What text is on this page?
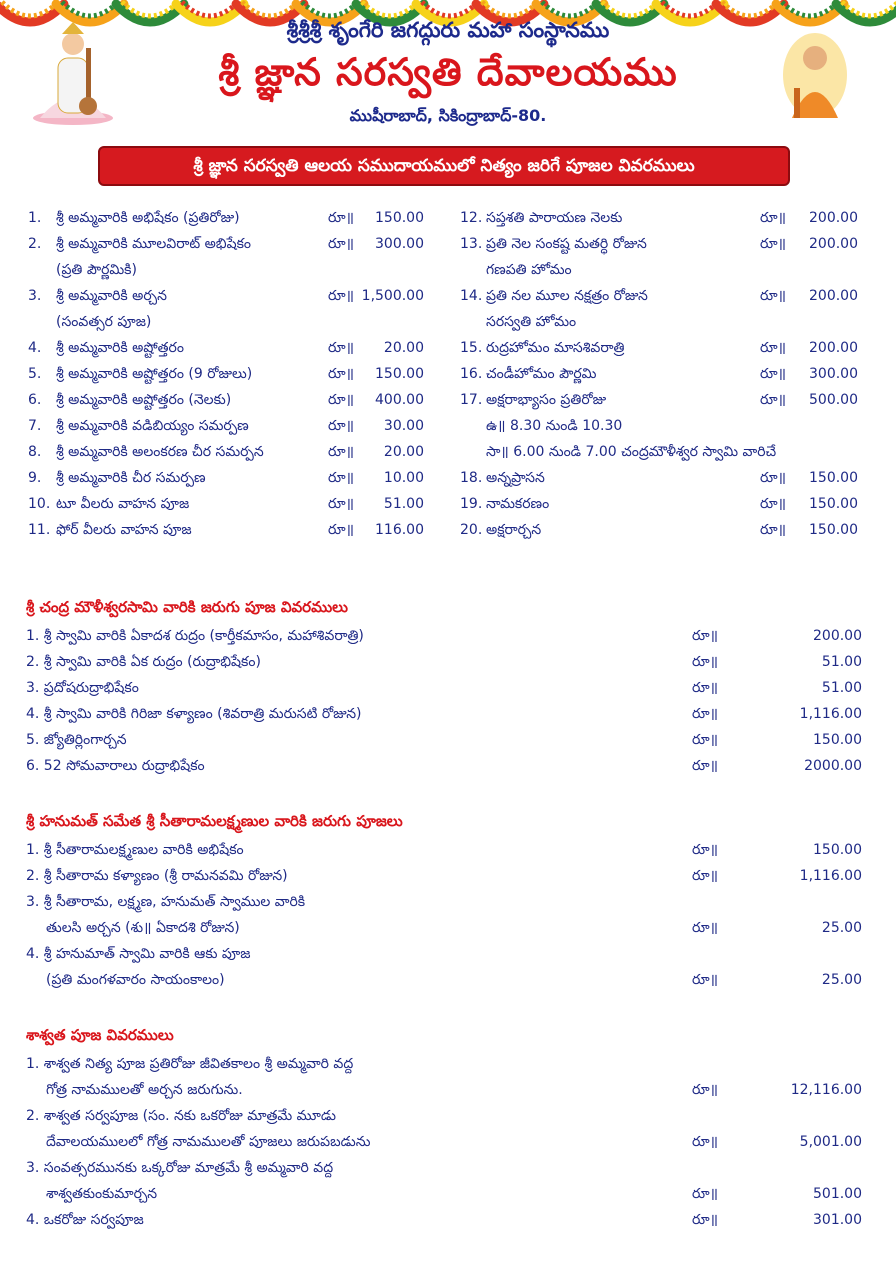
శ్రీశ్రీశ్రీ శృంగేరి జగద్గురు మహా సంస్థానము
శ్రీ జ్ఞాన సరస్వతి దేవాలయము
ముషీరాబాద్, సికింద్రాబాద్-80.
శ్రీ జ్ఞాన సరస్వతి ఆలయ సముదాయములో నిత్యం జరిగే పూజల వివరములు
1. శ్రీ అమ్మవారికి అభిషేకం (ప్రతిరోజు)	రూ॥	150.00
2. శ్రీ అమ్మవారికి మూలవిరాట్ అభిషేకం	రూ॥	300.00
(ప్రతి పౌర్ణమికి)
3. శ్రీ అమ్మవారికి అర్చన	రూ॥ 1,500.00
(సంవత్సర పూజ)
4. శ్రీ అమ్మవారికి అష్టోత్తరం	రూ॥	20.00
5. శ్రీ అమ్మవారికి అష్టోత్తరం (9 రోజులు)	రూ॥	150.00
6. శ్రీ అమ్మవారికి అష్టోత్తరం (నెలకు)	రూ॥	400.00
7. శ్రీ అమ్మవారికి వడిబియ్యం సమర్పణ	రూ॥	30.00
8. శ్రీ అమ్మవారికి అలంకరణ చీర సమర్పన	రూ॥	20.00
9. శ్రీ అమ్మవారికి చీర సమర్పణ	రూ॥	10.00
10. టూ వీలరు వాహన పూజ	రూ॥	51.00
11. ఫోర్ వీలరు వాహన పూజ	రూ॥	116.00
12. సప్తశతి పారాయణ నెలకు	రూ॥	200.00
13. ప్రతి నెల సంకష్ట మతర్ధి రోజున	రూ॥	200.00
గణపతి హోమం
14. ప్రతి నల మూల నక్షత్రం రోజున	రూ॥	200.00
సరస్వతి హోమం
15. రుద్రహోమం మాసశివరాత్రి	రూ॥	200.00
16. చండీహోమం పౌర్ణమి	రూ॥	300.00
17. అక్షరాభ్యాసం ప్రతిరోజు	రూ॥	500.00
ఉ॥ 8.30 నుండి 10.30
సా॥ 6.00 నుండి 7.00 చంద్రమౌళీశ్వర స్వామి వారిచే
18. అన్నప్రాసన	రూ॥	150.00
19. నామకరణం	రూ॥	150.00
20. అక్షరార్చన	రూ॥	150.00
శ్రీ చంద్ర మౌళీశ్వరసామి వారికి జరుగు పూజ వివరములు
1. శ్రీ స్వామి వారికి ఏకాదశ రుద్రం (కార్తీకమాసం, మహాశివరాత్రి)	రూ॥	200.00
2. శ్రీ స్వామి వారికి ఏక రుద్రం (రుద్రాభిషేకం)	రూ॥	51.00
3. ప్రదోషరుద్రాభిషేకం	రూ॥	51.00
4. శ్రీ స్వామి వారికి గిరిజా కళ్యాణం (శివరాత్రి మరుసటి రోజున)	రూ॥	1,116.00
5. జ్యోతిర్లింగార్చన	రూ॥	150.00
6. 52 సోమవారాలు రుద్రాభిషేకం	రూ॥	2000.00
శ్రీ హనుమత్ సమేత శ్రీ సీతారామలక్ష్మణుల వారికి జరుగు పూజలు
1. శ్రీ సీతారామలక్ష్మణుల వారికి అభిషేకం	రూ॥	150.00
2. శ్రీ సీతారామ కళ్యాణం (శ్రీ రామనవమి రోజున)	రూ॥	1,116.00
3. శ్రీ సీతారామ, లక్ష్మణ, హనుమత్ స్వాముల వారికి
తులసి అర్చన (శు॥ ఏకాదశి రోజున)	రూ॥	25.00
4. శ్రీ హనుమాత్ స్వామి వారికి ఆకు పూజ
(ప్రతి మంగళవారం సాయంకాలం)	రూ॥	25.00
శాశ్వత పూజ వివరములు
1. శాశ్వత నిత్య పూజ ప్రతిరోజు జీవితకాలం శ్రీ అమ్మవారి వద్ద
గోత్ర నామములతో అర్చన జరుగును.	రూ॥	12,116.00
2. శాశ్వత సర్వపూజ (సం. నకు ఒకరోజు మాత్రమే మూడు
దేవాలయములలో గోత్ర నామములతో పూజలు జరుపబడును	రూ॥	5,001.00
3. సంవత్సరమునకు ఒక్కరోజు మాత్రమే శ్రీ అమ్మవారి వద్ద
శాశ్వతకుంకుమార్చన	రూ॥	501.00
4. ఒకరోజు సర్వపూజ	రూ॥	301.00
